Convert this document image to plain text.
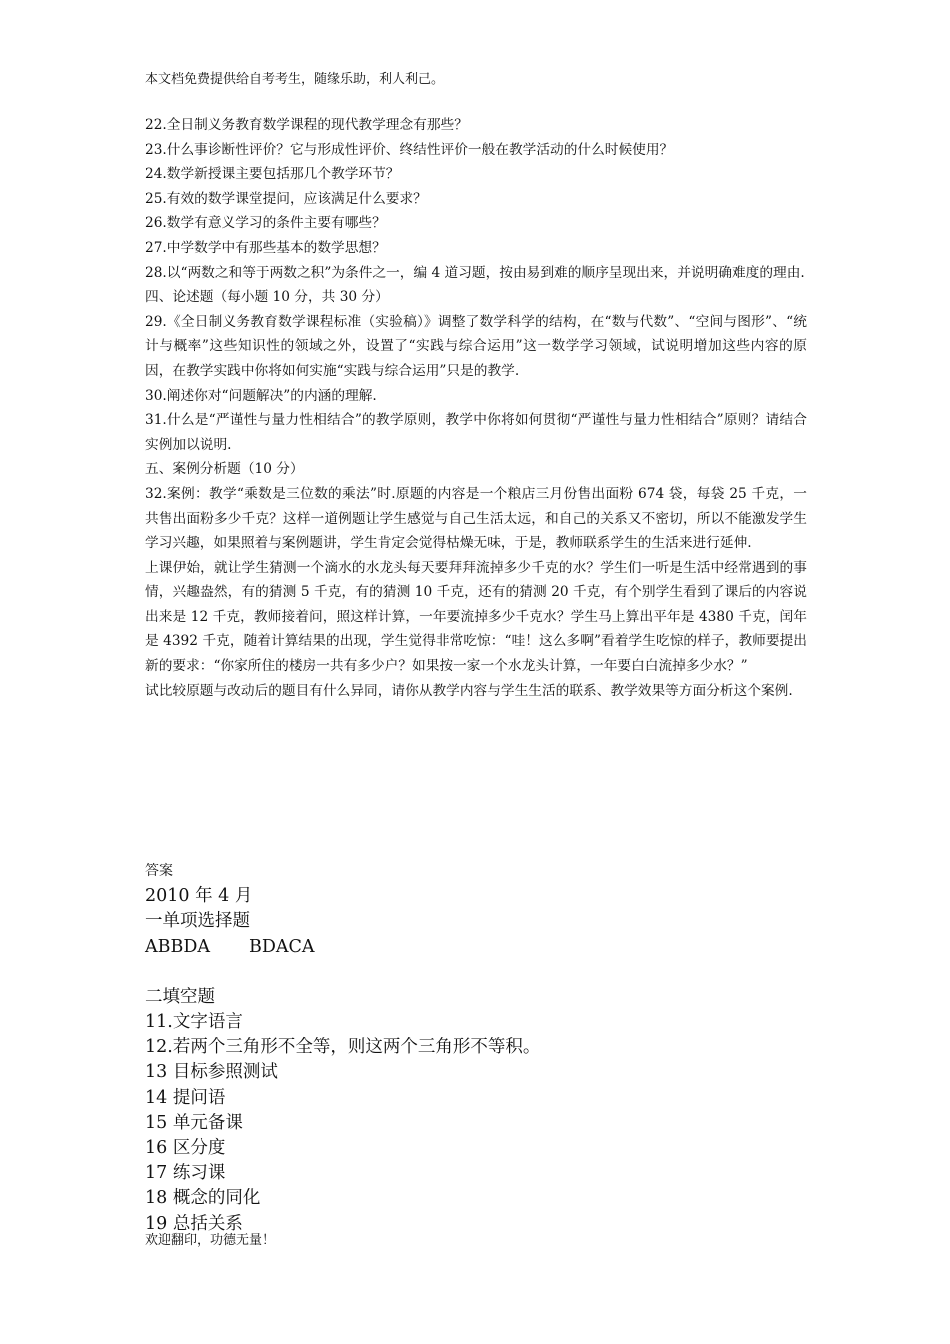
本文档免费提供给自考考生，随缘乐助，利人利己。

22.全日制义务教育数学课程的现代教学理念有那些？

23.什么事诊断性评价？它与形成性评价、终结性评价一般在教学活动的什么时候使用？

24.数学新授课主要包括那几个教学环节？

25.有效的数学课堂提问，应该满足什么要求？

26.数学有意义学习的条件主要有哪些？

27.中学数学中有那些基本的数学思想？

28.以“两数之和等于两数之积”为条件之一，编 4 道习题，按由易到难的顺序呈现出来，并说明确难度的理由.

四、论述题（每小题 10 分，共 30 分）

29.《全日制义务教育数学课程标准（实验稿）》调整了数学科学的结构，在“数与代数”、“空间与图形”、“统计与概率”这些知识性的领域之外，设置了“实践与综合运用”这一数学学习领域，试说明增加这些内容的原因，在教学实践中你将如何实施“实践与综合运用”只是的教学.

30.阐述你对“问题解决”的内涵的理解.

31.什么是“严谨性与量力性相结合”的教学原则，教学中你将如何贯彻“严谨性与量力性相结合”原则？请结合实例加以说明.

五、案例分析题（10 分）

32.案例：教学“乘数是三位数的乘法”时.原题的内容是一个粮店三月份售出面粉 674 袋，每袋 25 千克，一共售出面粉多少千克？这样一道例题让学生感觉与自己生活太远，和自己的关系又不密切，所以不能激发学生学习兴趣，如果照着与案例题讲，学生肯定会觉得枯燥无味，于是，教师联系学生的生活来进行延伸.

上课伊始，就让学生猜测一个滴水的水龙头每天要拜拜流掉多少千克的水？学生们一听是生活中经常遇到的事情，兴趣盎然，有的猜测 5 千克，有的猜测 10 千克，还有的猜测 20 千克，有个别学生看到了课后的内容说出来是 12 千克，教师接着问，照这样计算，一年要流掉多少千克水？学生马上算出平年是 4380 千克，闰年是 4392 千克，随着计算结果的出现，学生觉得非常吃惊：“哇！这么多啊”看着学生吃惊的样子，教师要提出新的要求：“你家所住的楼房一共有多少户？如果按一家一个水龙头计算，一年要白白流掉多少水？”

试比较原题与改动后的题目有什么异同，请你从教学内容与学生生活的联系、教学效果等方面分析这个案例.

答案

2010 年 4 月

一单项选择题

ABBDA       BDACA

二填空题

11.文字语言

12.若两个三角形不全等，则这两个三角形不等积。

13 目标参照测试

14 提问语

15 单元备课

16 区分度

17 练习课

18 概念的同化

19 总括关系

欢迎翻印，功德无量！
